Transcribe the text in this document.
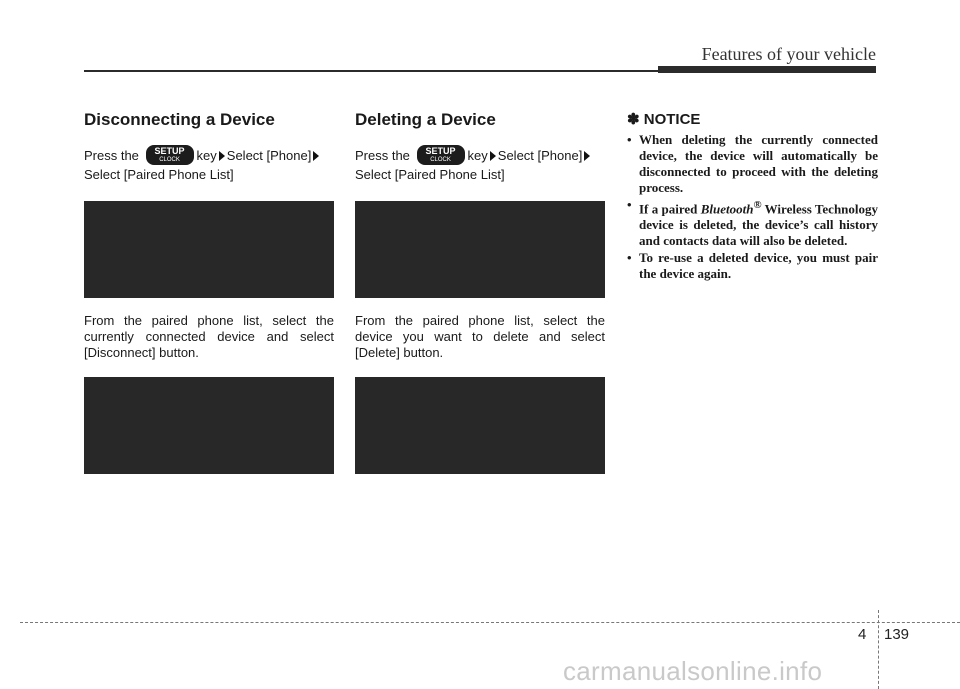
Features of your vehicle
Disconnecting a Device

Press the SETUP
CLOCK key Select [Phone]
Select [Paired Phone List]

From the paired phone list, select the currently connected device and select [Disconnect] button.

Deleting a Device

Press the SETUP
CLOCK key Select [Phone]
Select [Paired Phone List]

From the paired phone list, select the device you want to delete and select [Delete] button.

✽ NOTICE
• When deleting the currently connected device, the device will automatically be disconnected to proceed with the deleting process.
• If a paired Bluetooth® Wireless Technology device is deleted, the device’s call history and contacts data will also be deleted.
• To re-use a deleted device, you must pair the device again.
4 139
carmanualsonline.info
